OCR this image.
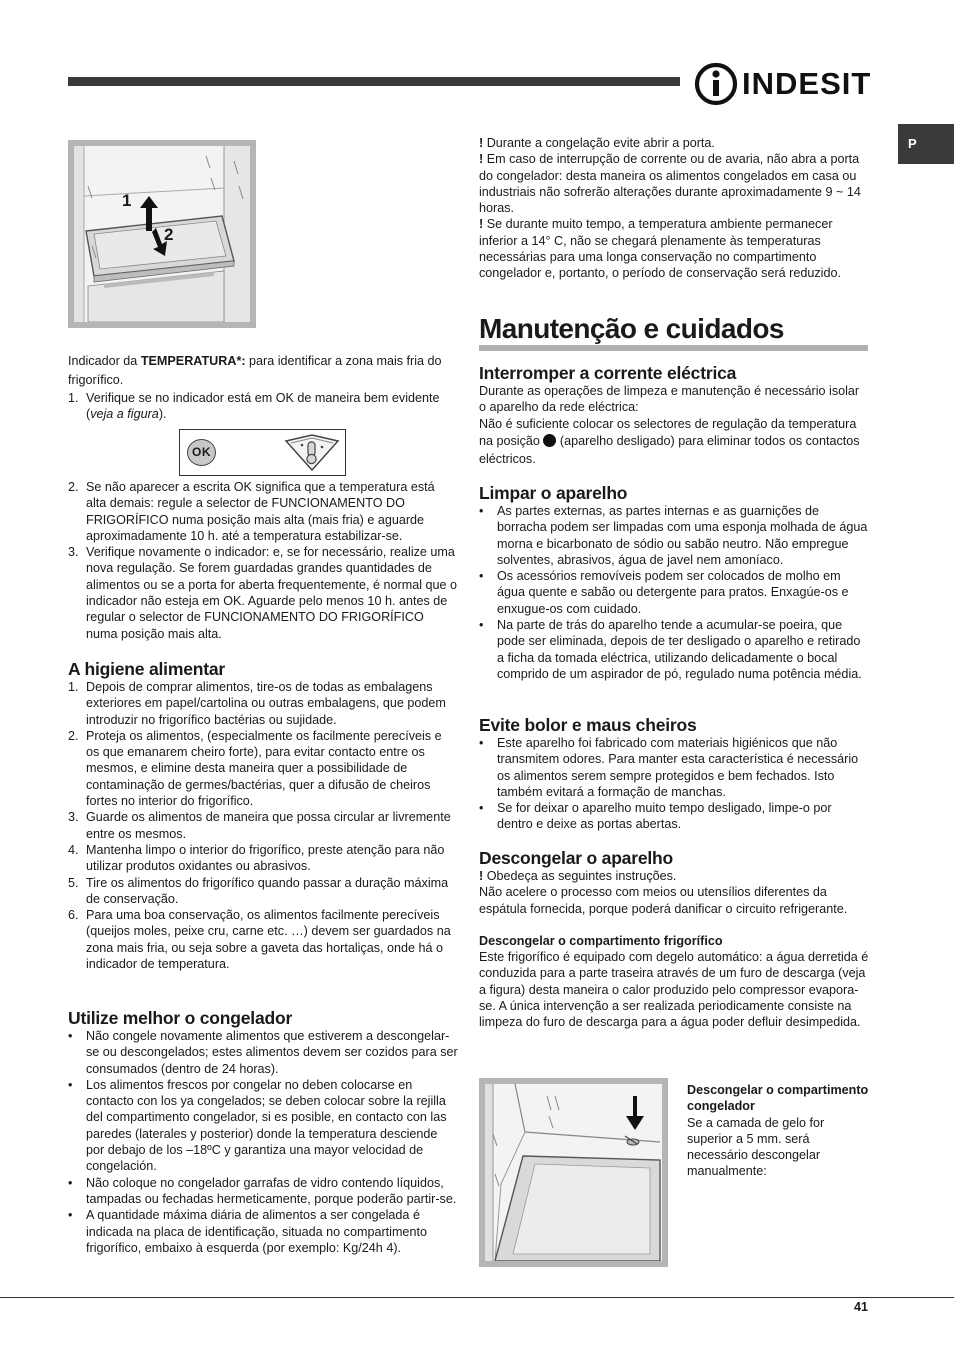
INDESIT
P
1
2

Indicador da TEMPERATURA*: para identificar a zona mais fria do frigorífico.

1. Verifique se no indicador está em OK de maneira bem evidente (veja a figura).
OK
2. Se não aparecer a escrita OK significa que a temperatura está alta demais: regule a selector de FUNCIONAMENTO DO FRIGORÍFICO numa posição mais alta (mais fria) e aguarde aproximadamente 10 h. até a temperatura estabilizar-se.
3. Verifique novamente o indicador: e, se for necessário, realize uma nova regulação. Se forem guardadas grandes quantidades de alimentos ou se a porta for aberta frequentemente, é normal que o indicador não esteja em OK. Aguarde pelo menos 10 h. antes de regular o selector de FUNCIONAMENTO DO FRIGORÍFICO numa posição mais alta.
A higiene alimentar
1. Depois de comprar alimentos, tire-os de todas as embalagens exteriores em papel/cartolina ou outras embalagens, que podem introduzir no frigorífico bactérias ou sujidade.
2. Proteja os alimentos, (especialmente os facilmente perecíveis e os que emanarem cheiro forte), para evitar contacto entre os mesmos, e elimine desta maneira quer a possibilidade de contaminação de germes/bactérias, quer a difusão de cheiros fortes no interior do frigorífico.
3. Guarde os alimentos de maneira que possa circular ar livremente entre os mesmos.
4. Mantenha limpo o interior do frigorífico, preste atenção para não utilizar produtos oxidantes ou abrasivos.
5. Tire os alimentos do frigorífico quando passar a duração máxima de conservação.
6. Para uma boa conservação, os alimentos facilmente perecíveis (queijos moles, peixe cru, carne etc. …) devem ser guardados na zona mais fria, ou seja sobre a gaveta das hortaliças, onde há o indicador de temperatura.
Utilize melhor o congelador
• Não congele novamente alimentos que estiverem a descongelar-se ou descongelados; estes alimentos devem ser cozidos para ser consumados (dentro de 24 horas).
• Los alimentos frescos por congelar no deben colocarse en contacto con los ya congelados; se deben colocar sobre la rejilla del compartimento congelador, si es posible, en contacto con las paredes (laterales y posterior) donde la temperatura desciende por debajo de los –18ºC y garantiza una mayor velocidad de congelación.
• Não coloque no congelador garrafas de vidro contendo líquidos, tampadas ou fechadas hermeticamente, porque poderão partir-se.
• A quantidade máxima diária de alimentos a ser congelada é indicada na placa de identificação, situada no compartimento frigorífico, embaixo à esquerda (por exemplo: Kg/24h 4).

! Durante a congelação evite abrir a porta.

! Em caso de interrupção de corrente ou de avaria, não abra a porta do congelador: desta maneira os alimentos congelados em casa ou industriais não sofrerão alterações durante aproximadamente 9 ~ 14 horas.

! Se durante muito tempo, a temperatura ambiente permanecer inferior a 14° C, não se chegará plenamente às temperaturas necessárias para uma longa conservação no compartimento congelador e, portanto, o período de conservação será reduzido.

Manutenção e cuidados
Interromper a corrente eléctrica

Durante as operações de limpeza e manutenção é necessário isolar o aparelho da rede eléctrica:

Não é suficiente colocar os selectores de regulação da temperatura na posição  (aparelho desligado) para eliminar todos os contactos eléctricos.

Limpar o aparelho
• As partes externas, as partes internas e as guarnições de borracha podem ser limpadas com uma esponja molhada de água morna e bicarbonato de sódio ou sabão neutro. Não empregue solventes, abrasivos, água de javel nem amoníaco.
• Os acessórios removíveis podem ser colocados de molho em água quente e sabão ou detergente para pratos. Enxagúe-os e enxugue-os com cuidado.
• Na parte de trás do aparelho tende a acumular-se poeira, que pode ser eliminada, depois de ter desligado o aparelho e retirado a ficha da tomada eléctrica, utilizando delicadamente o bocal comprido de um aspirador de pó, regulado numa potência média.
Evite bolor e maus cheiros
• Este aparelho foi fabricado com materiais higiénicos que não transmitem odores. Para manter esta característica é necessário os alimentos serem sempre protegidos e bem fechados. Isto também evitará a formação de manchas.
• Se for deixar o aparelho muito tempo desligado, limpe-o por dentro e deixe as portas abertas.
Descongelar o aparelho

! Obedeça as seguintes instruções.

Não acelere o processo com meios ou utensílios diferentes da espátula fornecida, porque poderá danificar o circuito refrigerante.

Descongelar o compartimento frigorífico

Este frigorífico é equipado com degelo automático: a água derretida é conduzida para a parte traseira através de um furo de descarga (veja a figura) desta maneira o calor produzido pelo compressor evapora-se. A única intervenção a ser realizada periodicamente consiste na limpeza do furo de descarga para a água poder defluir desimpedida.

Descongelar o compartimento congelador

Se a camada de gelo for superior a 5 mm. será necessário descongelar manualmente:

41
